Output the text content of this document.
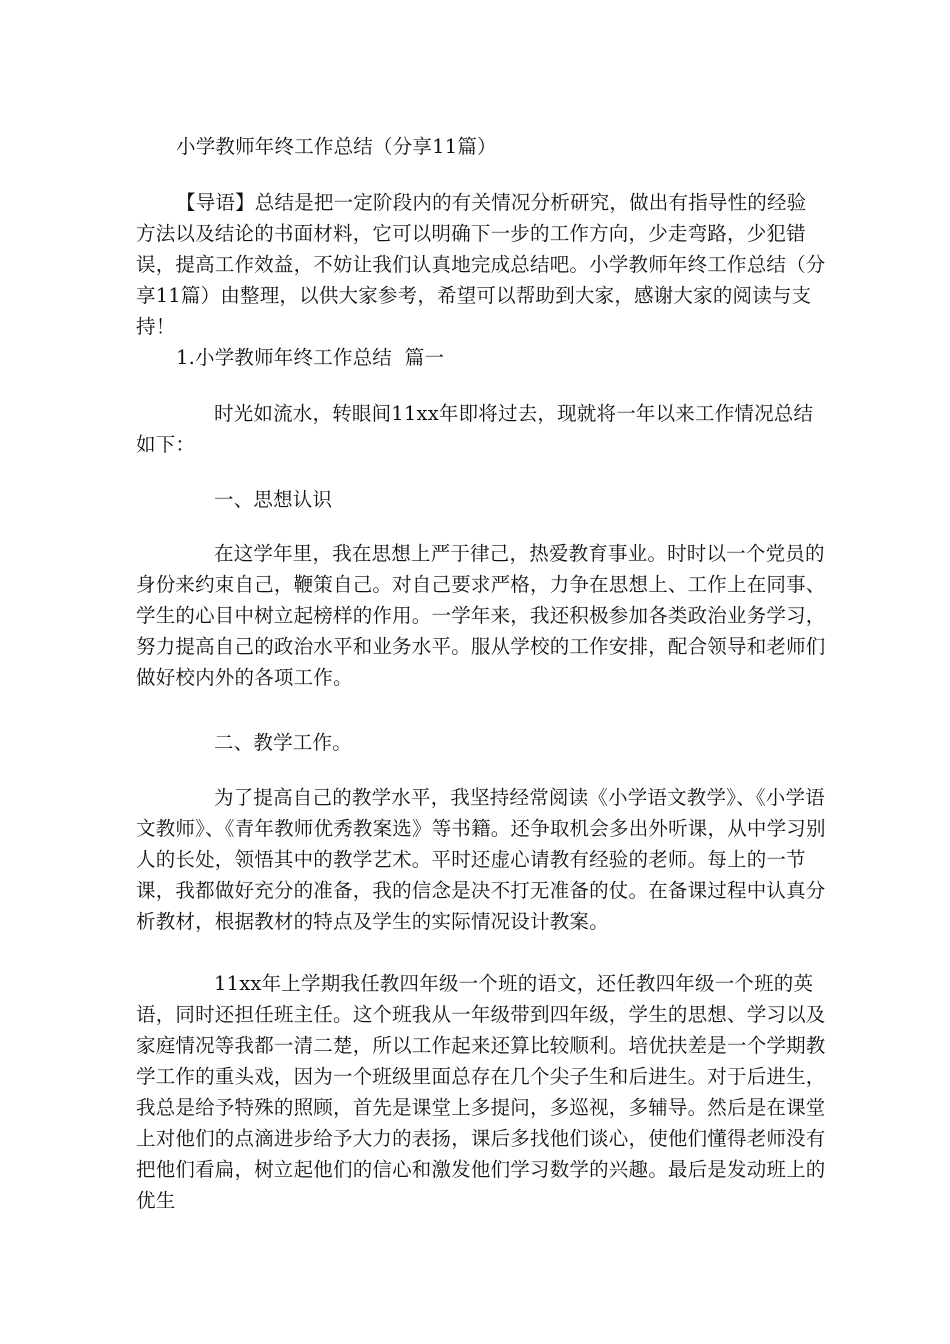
小学教师年终工作总结（分享11篇）
【导语】总结是把一定阶段内的有关情况分析研究，做出有指导性的经验方法以及结论的书面材料，它可以明确下一步的工作方向，少走弯路，少犯错误，提高工作效益，不妨让我们认真地完成总结吧。小学教师年终工作总结（分享11篇）由整理，以供大家参考，希望可以帮助到大家，感谢大家的阅读与支持！
1.小学教师年终工作总结  篇一
时光如流水，转眼间11xx年即将过去，现就将一年以来工作情况总结如下：
一、思想认识
在这学年里，我在思想上严于律己，热爱教育事业。时时以一个党员的身份来约束自己，鞭策自己。对自己要求严格，力争在思想上、工作上在同事、学生的心目中树立起榜样的作用。一学年来，我还积极参加各类政治业务学习，努力提高自己的政治水平和业务水平。服从学校的工作安排，配合领导和老师们做好校内外的各项工作。
二、教学工作。
为了提高自己的教学水平，我坚持经常阅读《小学语文教学》、《小学语文教师》、《青年教师优秀教案选》等书籍。还争取机会多出外听课，从中学习别人的长处，领悟其中的教学艺术。平时还虚心请教有经验的老师。每上的一节课，我都做好充分的准备，我的信念是决不打无准备的仗。在备课过程中认真分析教材，根据教材的特点及学生的实际情况设计教案。
11xx年上学期我任教四年级一个班的语文，还任教四年级一个班的英语，同时还担任班主任。这个班我从一年级带到四年级，学生的思想、学习以及家庭情况等我都一清二楚，所以工作起来还算比较顺利。培优扶差是一个学期教学工作的重头戏，因为一个班级里面总存在几个尖子生和后进生。对于后进生，我总是给予特殊的照顾，首先是课堂上多提问，多巡视，多辅导。然后是在课堂上对他们的点滴进步给予大力的表扬，课后多找他们谈心，使他们懂得老师没有把他们看扁，树立起他们的信心和激发他们学习数学的兴趣。最后是发动班上的优生
